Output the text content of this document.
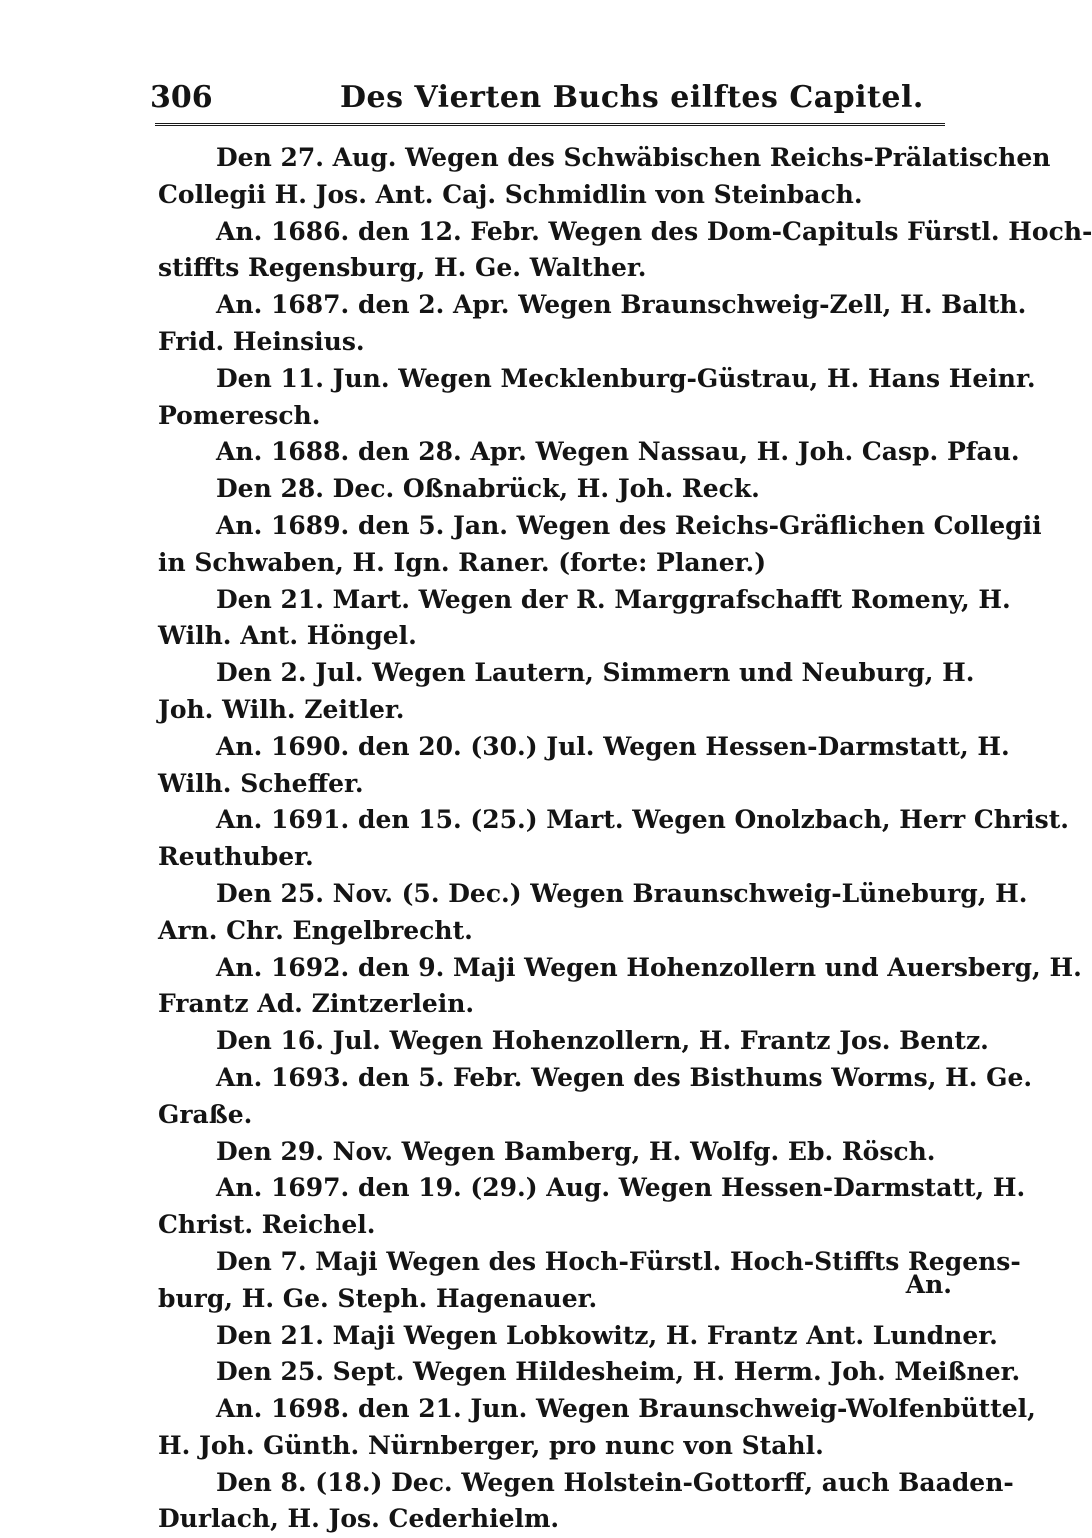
306	Des Vierten Buchs eilftes Capitel.
Den 27. Aug. Wegen des Schwäbischen Reichs-Prälatischen
Collegii H. Jos. Ant. Caj. Schmidlin von Steinbach.
An. 1686. den 12. Febr. Wegen des Dom-Capituls Fürstl. Hoch-
stiffts Regensburg, H. Ge. Walther.
An. 1687. den 2. Apr. Wegen Braunschweig-Zell, H. Balth.
Frid. Heinsius.
Den 11. Jun. Wegen Mecklenburg-Güstrau, H. Hans Heinr.
Pomeresch.
An. 1688. den 28. Apr. Wegen Nassau, H. Joh. Casp. Pfau.
Den 28. Dec. Oßnabrück, H. Joh. Reck.
An. 1689. den 5. Jan. Wegen des Reichs-Gräflichen Collegii
in Schwaben, H. Ign. Raner. (forte: Planer.)
Den 21. Mart. Wegen der R. Marggrafschafft Romeny, H.
Wilh. Ant. Höngel.
Den 2. Jul. Wegen Lautern, Simmern und Neuburg, H.
Joh. Wilh. Zeitler.
An. 1690. den 20. (30.) Jul. Wegen Hessen-Darmstatt, H.
Wilh. Scheffer.
An. 1691. den 15. (25.) Mart. Wegen Onolzbach, Herr Christ.
Reuthuber.
Den 25. Nov. (5. Dec.) Wegen Braunschweig-Lüneburg, H.
Arn. Chr. Engelbrecht.
An. 1692. den 9. Maji Wegen Hohenzollern und Auersberg, H.
Frantz Ad. Zintzerlein.
Den 16. Jul. Wegen Hohenzollern, H. Frantz Jos. Bentz.
An. 1693. den 5. Febr. Wegen des Bisthums Worms, H. Ge.
Graße.
Den 29. Nov. Wegen Bamberg, H. Wolfg. Eb. Rösch.
An. 1697. den 19. (29.) Aug. Wegen Hessen-Darmstatt, H.
Christ. Reichel.
Den 7. Maji Wegen des Hoch-Fürstl. Hoch-Stiffts Regens-
burg, H. Ge. Steph. Hagenauer.
Den 21. Maji Wegen Lobkowitz, H. Frantz Ant. Lundner.
Den 25. Sept. Wegen Hildesheim, H. Herm. Joh. Meißner.
An. 1698. den 21. Jun. Wegen Braunschweig-Wolfenbüttel,
H. Joh. Günth. Nürnberger, pro nunc von Stahl.
Den 8. (18.) Dec. Wegen Holstein-Gottorff, auch Baaden-
Durlach, H. Jos. Cederhielm.
An.
